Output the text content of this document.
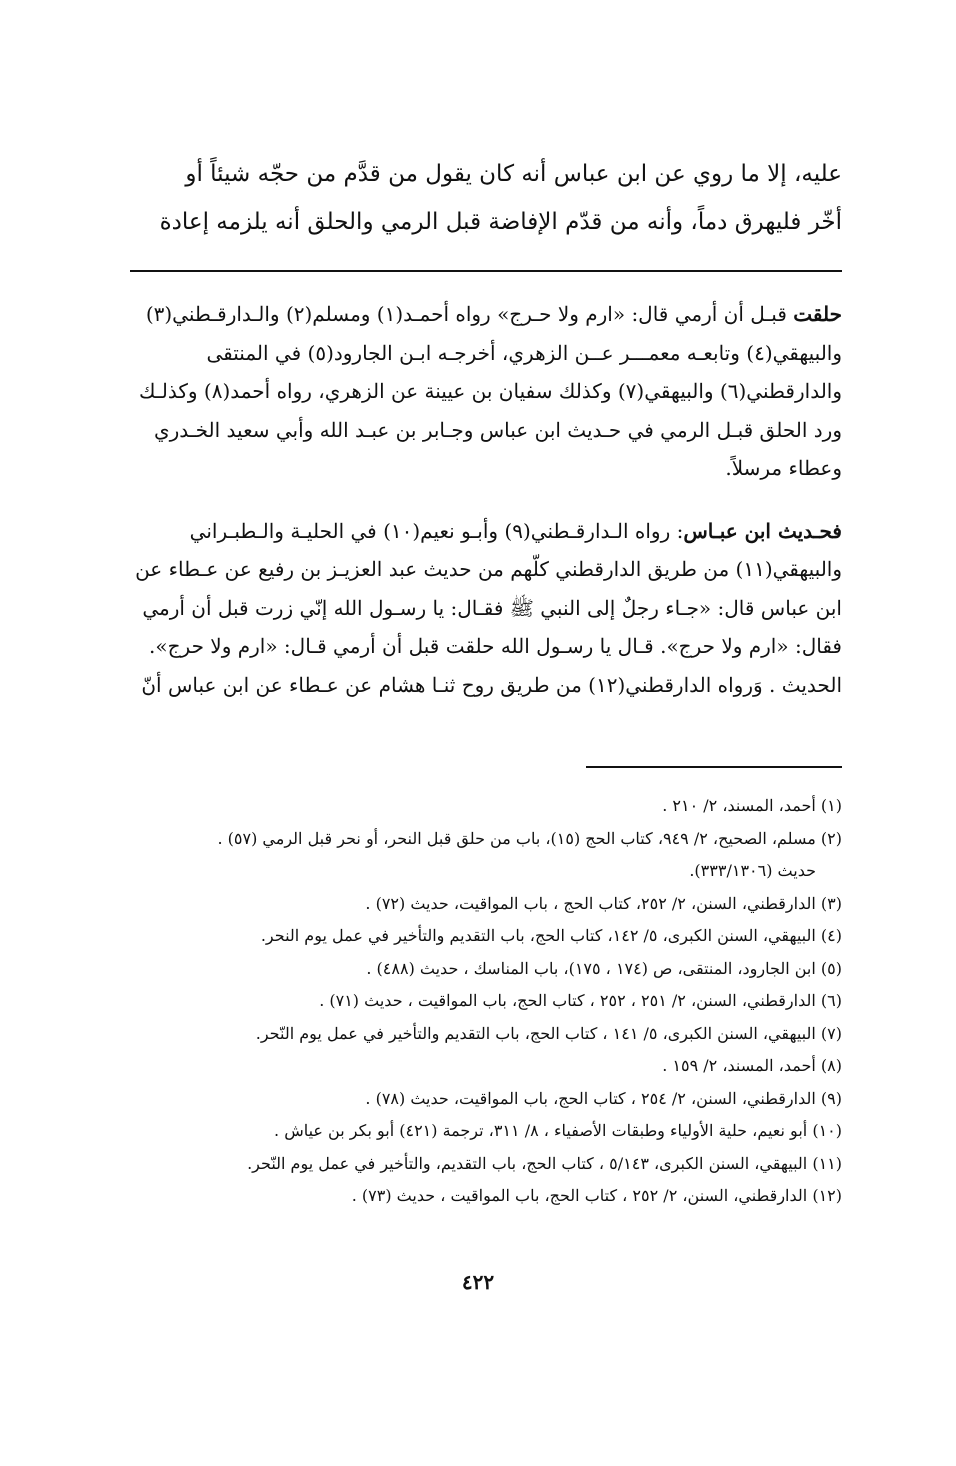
عليه، إلا ما روي عن ابن عباس أنه كان يقول من قدَّم من حجّه شيئاً أو
أخّر فليهرق دماً، وأنه من قدّم الإفاضة قبل الرمي والحلق أنه يلزمه إعادة
حلقت قبـل أن أرمي قال: «ارم ولا حـرج» رواه أحمـد(١) ومسلم(٢) والـدارقـطني(٣)
والبيهقي(٤) وتابعـه معمـــر عــن الزهري، أخرجـه ابـن الجارود(٥) في المنتقى
والدارقطني(٦) والبيهقي(٧) وكذلك سفيان بن عيينة عن الزهري، رواه أحمد(٨) وكذلـك
ورد الحلق قبـل الرمي في حـديث ابن عباس وجـابر بن عبـد الله وأبي سعيد الخـدري
وعطاء مرسلاً.
فحـديث ابن عبـاس: رواه الـدارقـطني(٩) وأبـو نعيم(١٠) في الحليـة والـطبـراني
والبيهقي(١١) من طريق الدارقطني كلّهم من حديث عبد العزيـز بن رفيع عن عـطاء عن
ابن عباس قال: «جـاء رجلٌ إلى النبي ﷺ فقـال: يا رسـول الله إنّي زرت قبل أن أرمي
فقال: «ارم ولا حرج». قـال يا رسـول الله حلقت قبل أن أرمي قـال: «ارم ولا حرج».
الحديث . وَرواه الدارقطني(١٢) من طريق روح ثنـا هشام عن عـطاء عن ابن عباس أنّ
(١) أحمد، المسند، ٢/ ٢١٠ .
(٢) مسلم، الصحيح، ٢/ ٩٤٩، كتاب الحج (١٥)، باب من حلق قبل النحر، أو نحر قبل الرمي (٥٧) .
حديث (٣٣٣/١٣٠٦).
(٣) الدارقطني، السنن، ٢/ ٢٥٢، كتاب الحج ، باب المواقيت، حديث (٧٢) .
(٤) البيهقي، السنن الكبرى، ٥/ ١٤٢، كتاب الحج، باب التقديم والتأخير في عمل يوم النحر.
(٥) ابن الجارود، المنتقى، ص (١٧٤ ، ١٧٥)، باب المناسك ، حديث (٤٨٨) .
(٦) الدارقطني، السنن، ٢/ ٢٥١ ، ٢٥٢ ، كتاب الحج، باب المواقيت ، حديث (٧١) .
(٧) البيهقي، السنن الكبرى، ٥/ ١٤١ ، كتاب الحج، باب التقديم والتأخير في عمل يوم النّحر.
(٨) أحمد، المسند، ٢/ ١٥٩ .
(٩) الدارقطني، السنن، ٢/ ٢٥٤ ، كتاب الحج، باب المواقيت، حديث (٧٨) .
(١٠) أبو نعيم، حلية الأولياء وطبقات الأصفياء ، ٨/ ٣١١، ترجمة (٤٢١) أبو بكر بن عياش .
(١١) البيهقي، السنن الكبرى، ٥/١٤٣ ، كتاب الحج، باب التقديم، والتأخير في عمل يوم النّحر.
(١٢) الدارقطني، السنن، ٢/ ٢٥٢ ، كتاب الحج، باب المواقيت ، حديث (٧٣) .
٤٢٢
